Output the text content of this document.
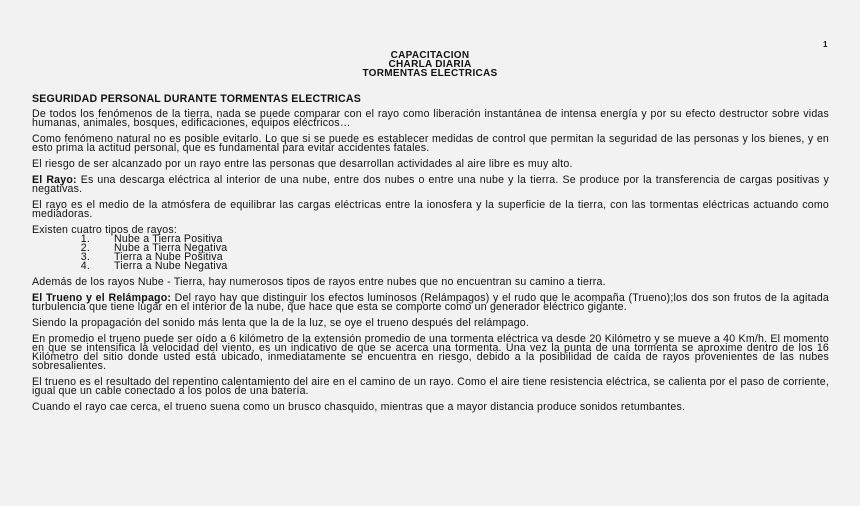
1
CAPACITACION
CHARLA DIARIA
TORMENTAS ELECTRICAS
SEGURIDAD PERSONAL DURANTE TORMENTAS ELECTRICAS

De todos los fenómenos de la tierra, nada se puede comparar con el rayo como liberación instantánea de intensa energía y por su efecto destructor sobre vidas humanas, animales, bosques, edificaciones, equipos eléctricos…

Como fenómeno natural no es posible evitarlo. Lo que si se puede es establecer medidas de control que permitan la seguridad de las personas y los bienes, y en esto prima la actitud personal, que es fundamental para evitar accidentes fatales.

El riesgo de ser alcanzado por un rayo entre las personas que desarrollan actividades al aire libre es muy alto.

El Rayo: Es una descarga eléctrica al interior de una nube, entre dos nubes o entre una nube y la tierra. Se produce por la transferencia de cargas positivas y negativas.

El rayo es el medio de la atmósfera de equilibrar las cargas eléctricas entre la ionosfera y la superficie de la tierra, con las tormentas eléctricas actuando como mediadoras.

Existen cuatro tipos de rayos:

1.	Nube a Tierra Positiva
2.	Nube a Tierra Negativa
3.	Tierra a Nube Positiva
4.	Tierra a Nube Negativa

Además de los rayos Nube - Tierra, hay numerosos tipos de rayos entre nubes que no encuentran su camino a tierra.

El Trueno y el Relámpago: Del rayo hay que distinguir los efectos luminosos (Relámpagos) y el rudo que le acompaña (Trueno);los dos son frutos de la agitada turbulencia que tiene lugar en el interior de la nube, que hace que esta se comporte como un generador eléctrico gigante.

Siendo la propagación del sonido más lenta que la de la luz, se oye el trueno después del relámpago.

En promedio el trueno puede ser oído a 6 kilómetro de la extensión promedio de una tormenta eléctrica va desde 20 Kilómetro y se mueve a 40 Km/h. El momento en que se intensifica la velocidad del viento, es un indicativo de que se acerca una tormenta. Una vez la punta de una tormenta se aproxime dentro de los 16 Kilómetro del sitio donde usted está ubicado, inmediatamente se encuentra en riesgo, debido a la posibilidad de caída de rayos provenientes de las nubes sobresalientes.

El trueno es el resultado del repentino calentamiento del aire en el camino de un rayo. Como el aire tiene resistencia eléctrica, se calienta por el paso de corriente, igual que un cable conectado a los polos de una batería.

Cuando el rayo cae cerca, el trueno suena como un brusco chasquido, mientras que a mayor distancia produce sonidos retumbantes.
